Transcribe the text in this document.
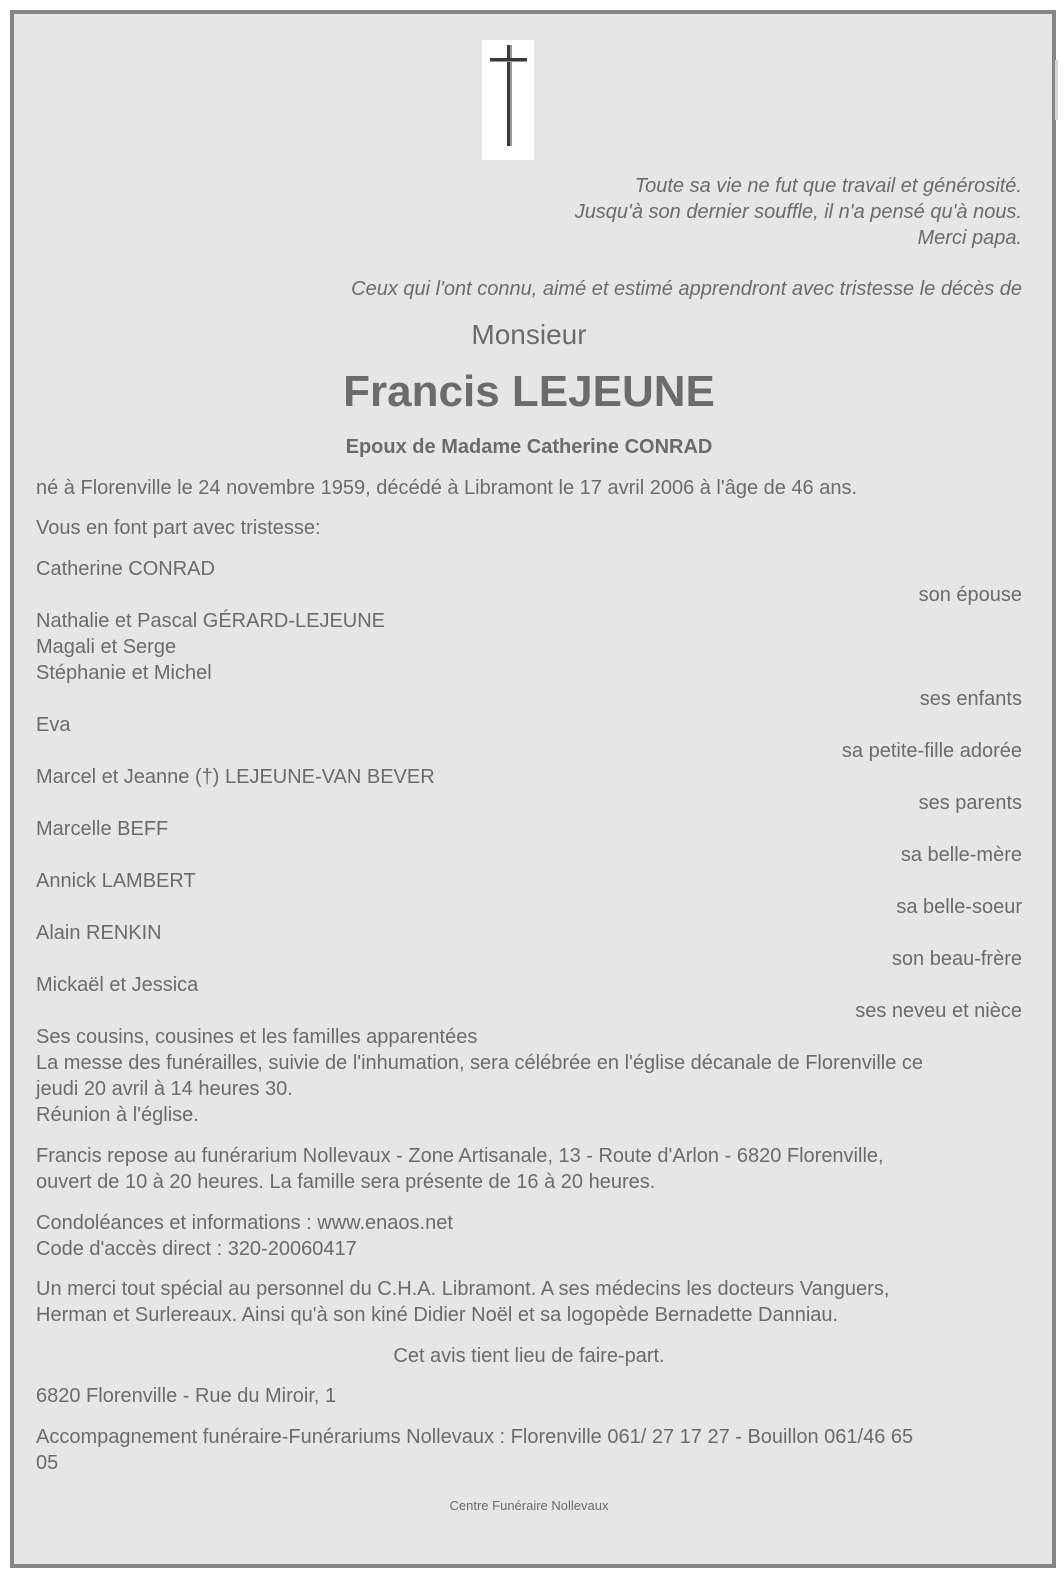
Toute sa vie ne fut que travail et générosité.
Jusqu'à son dernier souffle, il n'a pensé qu'à nous.
Merci papa.
Ceux qui l'ont connu, aimé et estimé apprendront avec tristesse le décès de
Monsieur
Francis LEJEUNE
Epoux de Madame Catherine CONRAD
né à Florenville le 24 novembre 1959, décédé à Libramont le 17 avril 2006 à l'âge de 46 ans.
Vous en font part avec tristesse:
Catherine CONRAD
son épouse
Nathalie et Pascal GÉRARD-LEJEUNE
Magali et Serge
Stéphanie et Michel
ses enfants
Eva
sa petite-fille adorée
Marcel et Jeanne (†) LEJEUNE-VAN BEVER
ses parents
Marcelle BEFF
sa belle-mère
Annick LAMBERT
sa belle-soeur
Alain RENKIN
son beau-frère
Mickaël et Jessica
ses neveu et nièce
Ses cousins, cousines et les familles apparentées
La messe des funérailles, suivie de l'inhumation, sera célébrée en l'église décanale de Florenville ce
jeudi 20 avril à 14 heures 30.
Réunion à l'église.
Francis repose au funérarium Nollevaux - Zone Artisanale, 13 - Route d'Arlon - 6820 Florenville,
ouvert de 10 à 20 heures. La famille sera présente de 16 à 20 heures.
Condoléances et informations : www.enaos.net
Code d'accès direct : 320-20060417
Un merci tout spécial au personnel du C.H.A. Libramont. A ses médecins les docteurs Vanguers,
Herman et Surlereaux. Ainsi qu'à son kiné Didier Noël et sa logopède Bernadette Danniau.
Cet avis tient lieu de faire-part.
6820 Florenville - Rue du Miroir, 1
Accompagnement funéraire-Funérariums Nollevaux : Florenville 061/ 27 17 27 - Bouillon 061/46 65
05
Centre Funéraire Nollevaux
